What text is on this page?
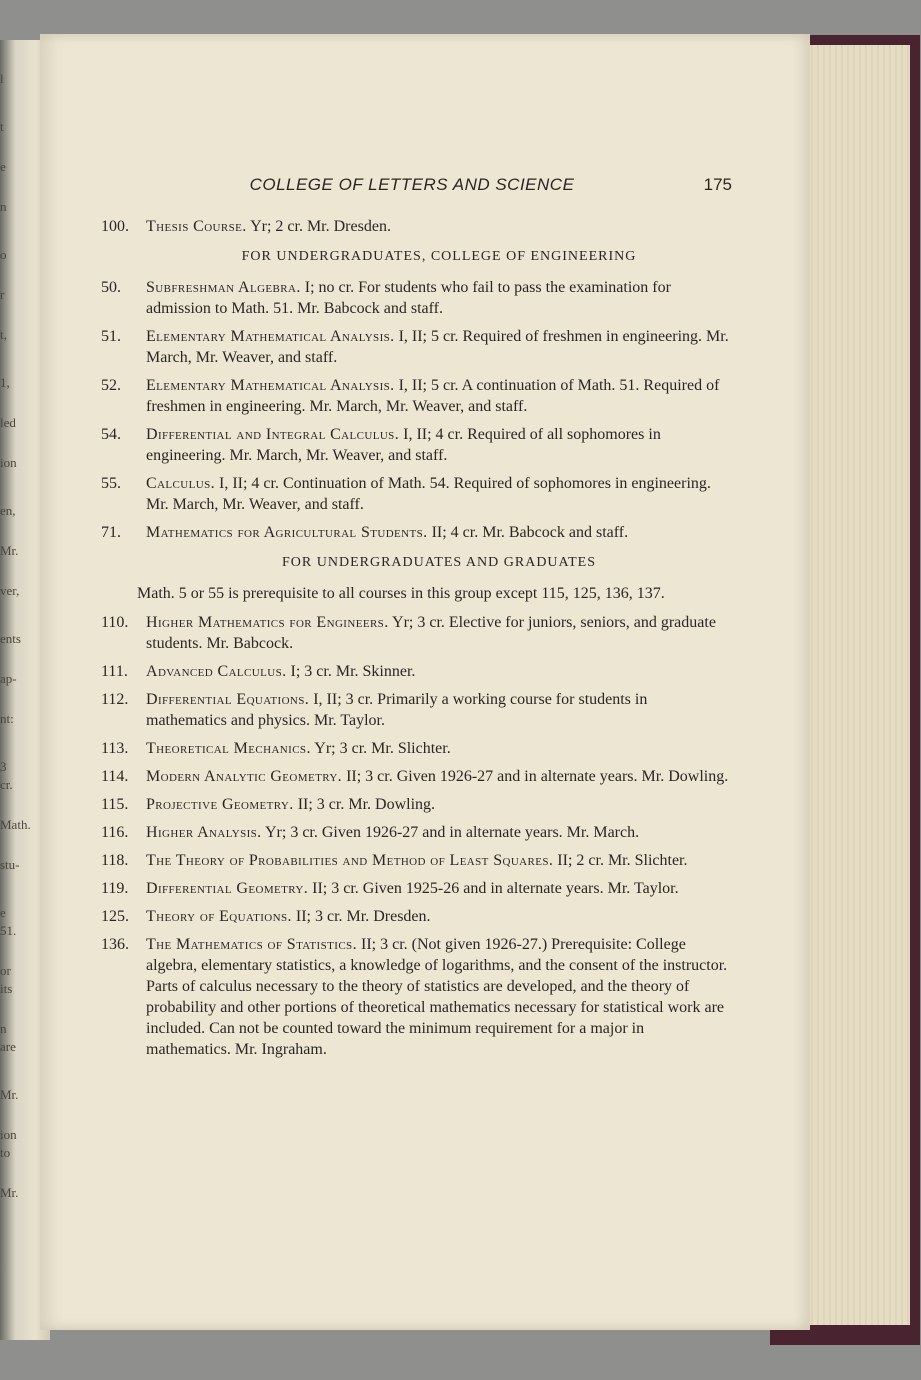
l
t
e
n
o
r
t,
1,
led
ion
en,
Mr.
ver,
ents
ap-
nt:
3 cr.
Math.
stu-
e 51.
or its
n are
Mr.
ion to
Mr.
COLLEGE OF LETTERS AND SCIENCE	175
100. Thesis Course. Yr; 2 cr. Mr. Dresden.
FOR UNDERGRADUATES, COLLEGE OF ENGINEERING
50. Subfreshman Algebra. I; no cr. For students who fail to pass the examination for admission to Math. 51. Mr. Babcock and staff.
51. Elementary Mathematical Analysis. I, II; 5 cr. Required of freshmen in engineering. Mr. March, Mr. Weaver, and staff.
52. Elementary Mathematical Analysis. I, II; 5 cr. A continuation of Math. 51. Required of freshmen in engineering. Mr. March, Mr. Weaver, and staff.
54. Differential and Integral Calculus. I, II; 4 cr. Required of all sophomores in engineering. Mr. March, Mr. Weaver, and staff.
55. Calculus. I, II; 4 cr. Continuation of Math. 54. Required of sophomores in engineering. Mr. March, Mr. Weaver, and staff.
71. Mathematics for Agricultural Students. II; 4 cr. Mr. Babcock and staff.
FOR UNDERGRADUATES AND GRADUATES
Math. 5 or 55 is prerequisite to all courses in this group except 115, 125, 136, 137.
110. Higher Mathematics for Engineers. Yr; 3 cr. Elective for juniors, seniors, and graduate students. Mr. Babcock.
111. Advanced Calculus. I; 3 cr. Mr. Skinner.
112. Differential Equations. I, II; 3 cr. Primarily a working course for students in mathematics and physics. Mr. Taylor.
113. Theoretical Mechanics. Yr; 3 cr. Mr. Slichter.
114. Modern Analytic Geometry. II; 3 cr. Given 1926-27 and in alternate years. Mr. Dowling.
115. Projective Geometry. II; 3 cr. Mr. Dowling.
116. Higher Analysis. Yr; 3 cr. Given 1926-27 and in alternate years. Mr. March.
118. The Theory of Probabilities and Method of Least Squares. II; 2 cr. Mr. Slichter.
119. Differential Geometry. II; 3 cr. Given 1925-26 and in alternate years. Mr. Taylor.
125. Theory of Equations. II; 3 cr. Mr. Dresden.
136. The Mathematics of Statistics. II; 3 cr. (Not given 1926-27.) Prerequisite: College algebra, elementary statistics, a knowledge of logarithms, and the consent of the instructor. Parts of calculus necessary to the theory of statistics are developed, and the theory of probability and other portions of theoretical mathematics necessary for statistical work are included. Can not be counted toward the minimum requirement for a major in mathematics. Mr. Ingraham.
